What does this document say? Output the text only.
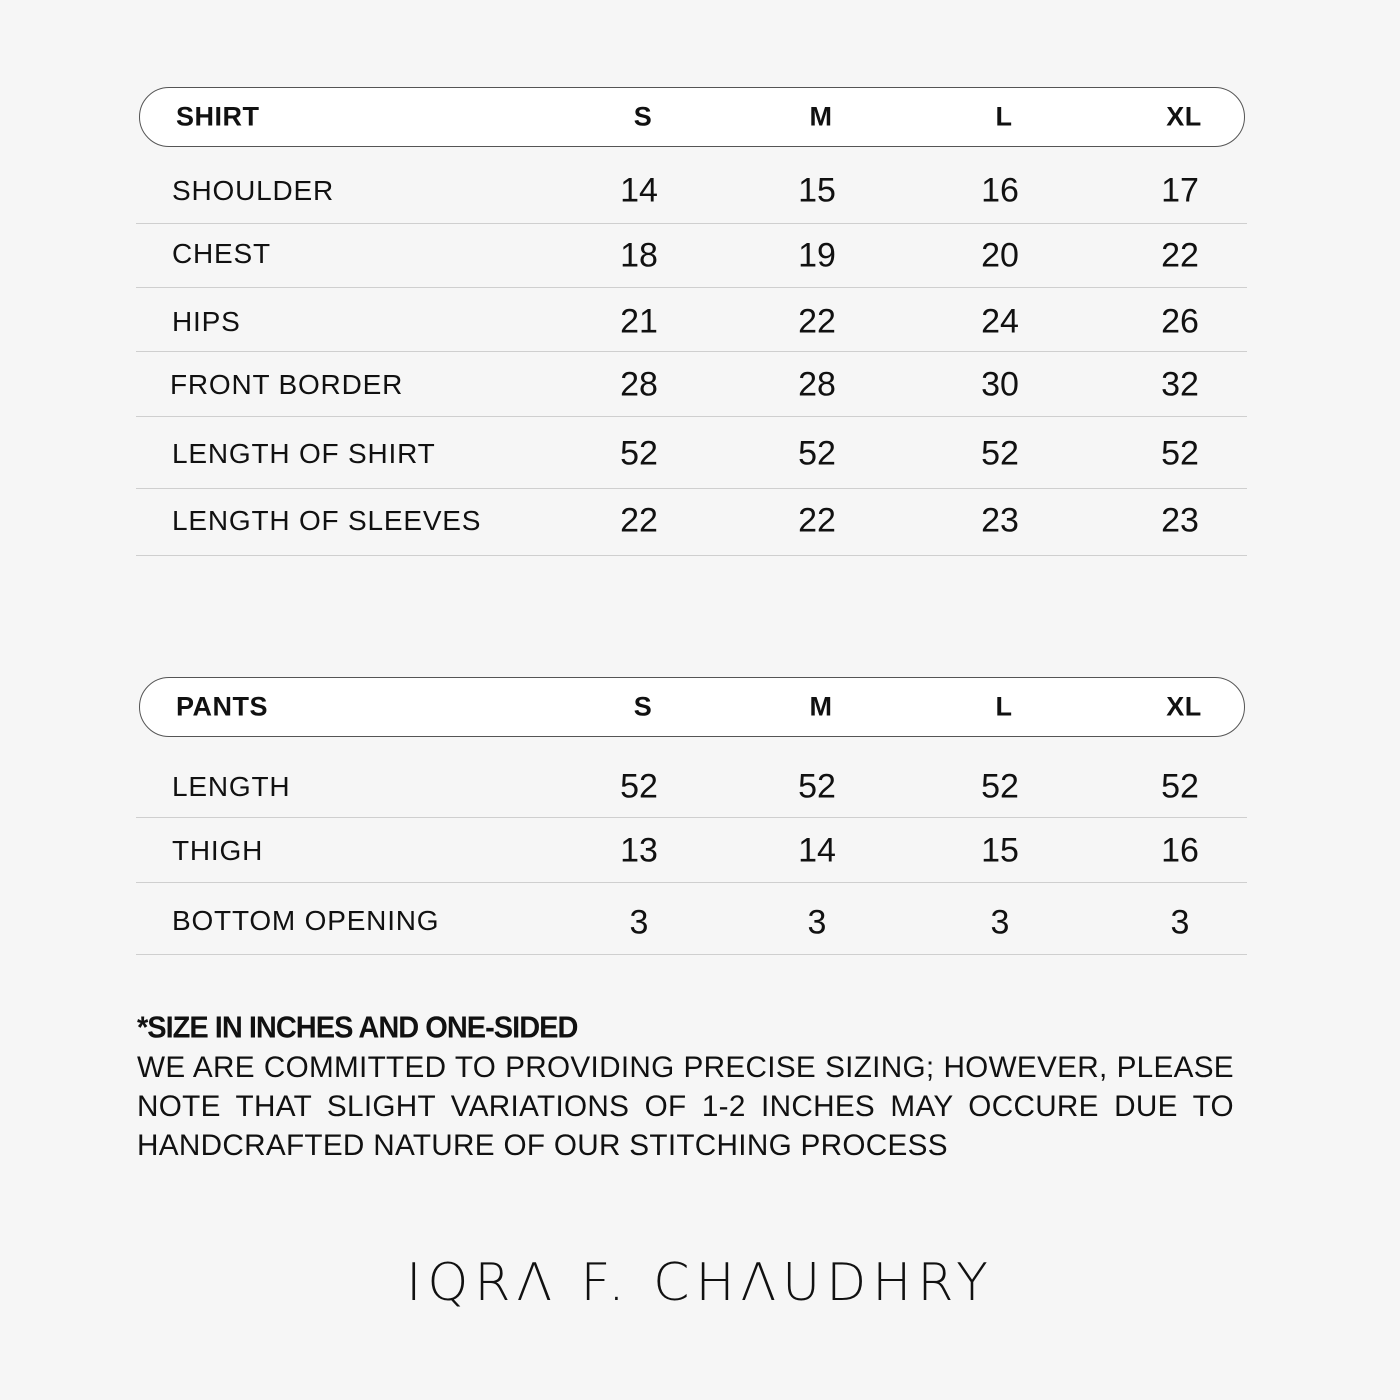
SHIRT	S	M	L	XL
SHOULDER	14	15	16	17
CHEST	18	19	20	22
HIPS	21	22	24	26
FRONT BORDER	28	28	30	32
LENGTH OF SHIRT	52	52	52	52
LENGTH OF SLEEVES	22	22	23	23
PANTS	S	M	L	XL
LENGTH	52	52	52	52
THIGH	13	14	15	16
BOTTOM OPENING	3	3	3	3
*SIZE IN INCHES AND ONE-SIDED
WE ARE COMMITTED TO PROVIDING PRECISE SIZING; HOWEVER, PLEASE NOTE THAT SLIGHT VARIATIONS OF 1-2 INCHES MAY OCCURE DUE TO HANDCRAFTED NATURE OF OUR STITCHING PROCESS
IQRΛ F. CHΛUDHRY
